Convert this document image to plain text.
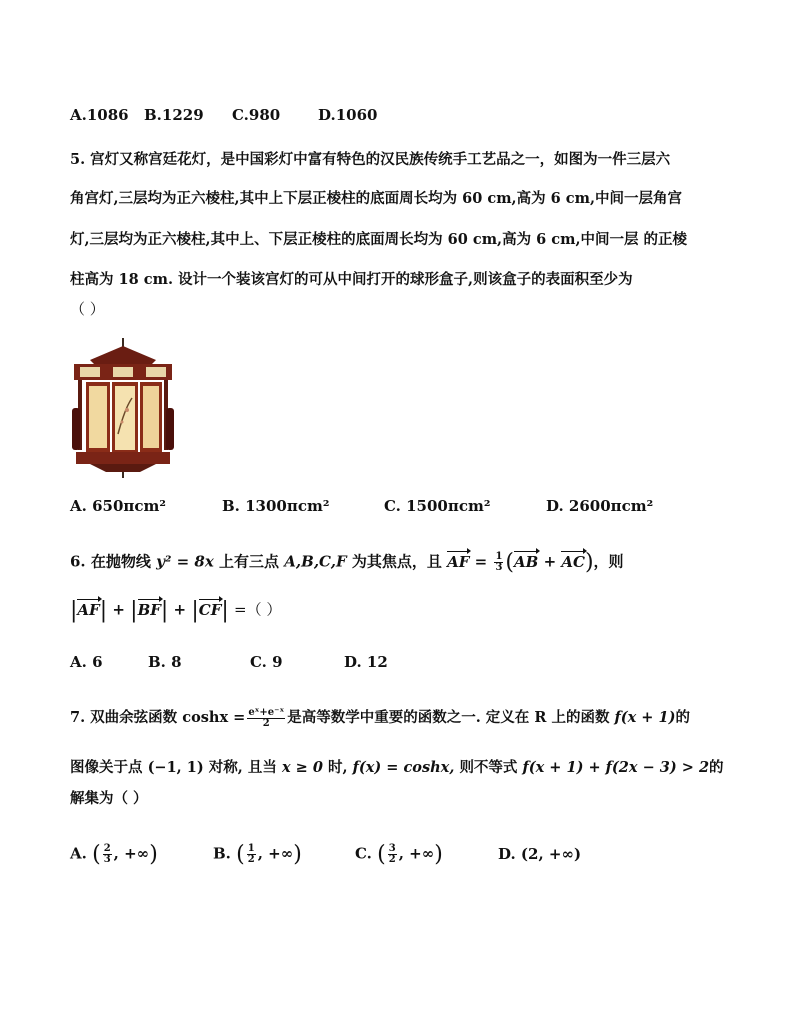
A.1086 B.1229 C.980	D.1060
5. 宫灯又称宫廷花灯，是中国彩灯中富有特色的汉民族传统手工艺品之一，如图为一件三层六
角宫灯,三层均为正六棱柱,其中上下层正棱柱的底面周长均为 60 cm,高为 6 cm,中间一层角宫
灯,三层均为正六棱柱,其中上、下层正棱柱的底面周长均为 60 cm,高为 6 cm,中间一层 的正棱
柱高为 18 cm. 设计一个装该宫灯的可从中间打开的球形盒子,则该盒子的表面积至少为
（ ）
A. 650πcm²	B. 1300πcm²	C. 1500πcm²	D. 2600πcm²
6. 在抛物线 y² = 8x 上有三点 A,B,C,F 为其焦点，且 AF = $\frac{1}{3} (AB + AC)$，则
|AF| + |BF| + |CF| =（ ）
A. 6	B. 8	C. 9	D. 12
7. 双曲余弦函数 $\cosh x = \frac{\text{eˣ+e⁻ˣ}}{2}$ 是高等数学中重要的函数之一. 定义在 R 上的函数 f(x + 1)的
图像关于点 (−1, 1) 对称, 且当 x ≥ 0 时, f(x) = coshx, 则不等式 f(x + 1) + f(2x − 3) > 2的
解集为（ ）
A. ( $\frac{2}{3}$ , +∞)	B. ( $\frac{1}{2}$ , +∞)	C. ( $\frac{3}{2}$ , +∞)	D. (2, +∞)
